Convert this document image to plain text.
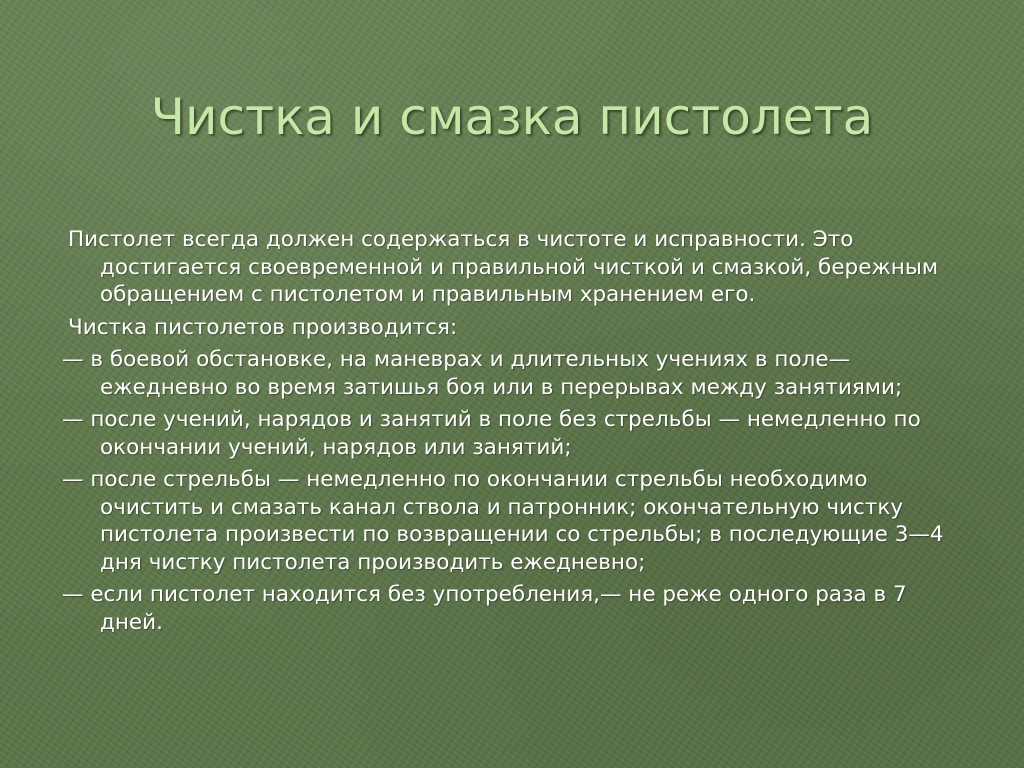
Чистка и смазка пистолета

Пистолет всегда должен содержаться в чистоте и исправности. Это достигается своевременной и правильной чисткой и смазкой, бережным обращением с пистолетом и правильным хранением его.

Чистка пистолетов производится:

— в боевой обстановке, на маневрах и длительных учениях в поле—ежедневно во время затишья боя или в перерывах между занятиями;

— после учений, нарядов и занятий в поле без стрельбы — немедленно по окончании учений, нарядов или занятий;

— после стрельбы — немедленно по окончании стрельбы необходимо очистить и смазать канал ствола и патронник; окончательную чистку пистолета произвести по возвращении со стрельбы; в последующие 3—4 дня чистку пистолета производить ежедневно;

— если пистолет находится без употребления,— не реже одного раза в 7 дней.
